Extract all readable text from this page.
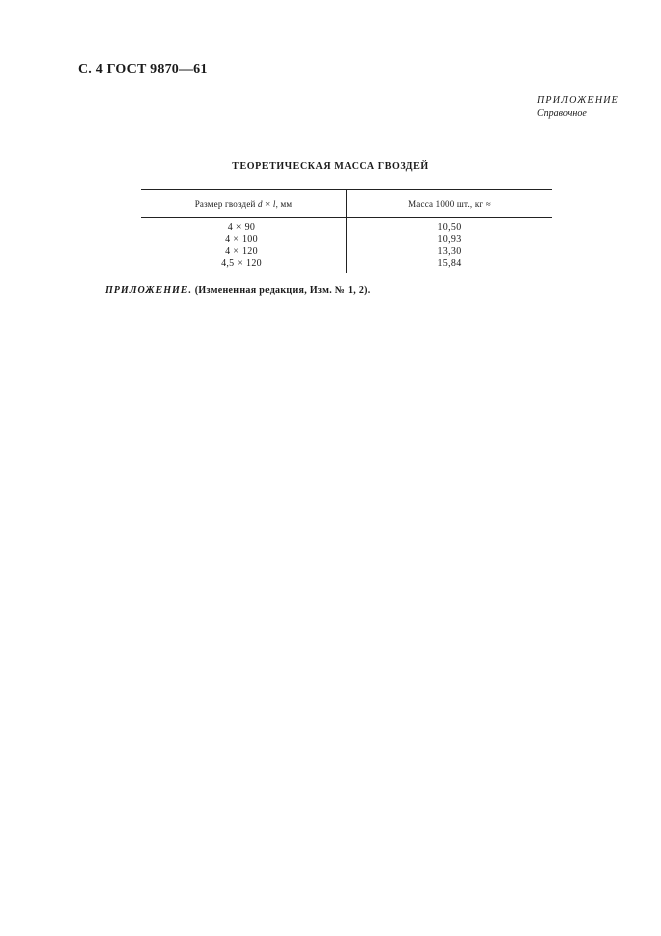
С. 4 ГОСТ 9870—61
ПРИЛОЖЕНИЕ
Справочное
ТЕОРЕТИЧЕСКАЯ МАССА ГВОЗДЕЙ
Размер гвоздей d × l, мм	Масса 1000 шт., кг ≈
4 × 90	10,50
4 × 100	10,93
4 × 120	13,30
4,5 × 120	15,84
ПРИЛОЖЕНИЕ. (Измененная редакция, Изм. № 1, 2).
